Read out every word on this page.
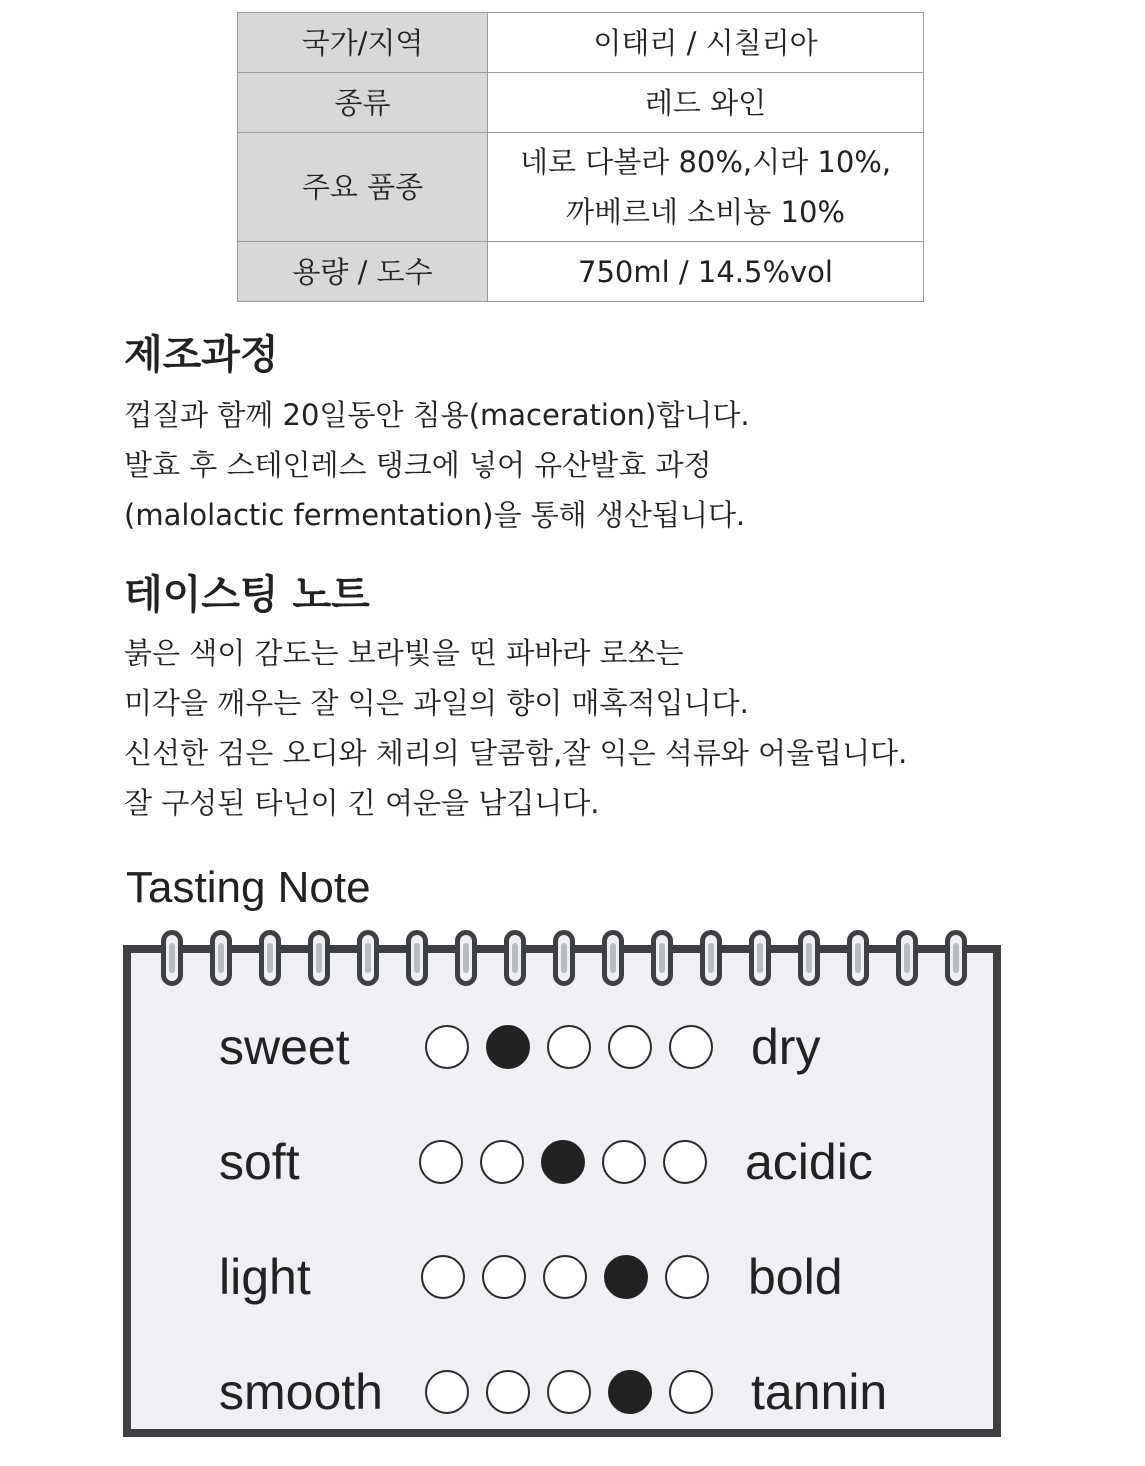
국가/지역	이태리 / 시칠리아

종류	레드 와인

주요 품종	네로 다볼라 80%,시라 10%,
까베르네 소비뇽 10%

용량 / 도수	750ml / 14.5%vol
제조과정
껍질과 함께 20일동안 침용(maceration)합니다.
발효 후 스테인레스 탱크에 넣어 유산발효 과정
(malolactic fermentation)을 통해 생산됩니다.
테이스팅 노트
붉은 색이 감도는 보라빛을 띤 파바라 로쏘는
미각을 깨우는 잘 익은 과일의 향이 매혹적입니다.
신선한 검은 오디와 체리의 달콤함,잘 익은 석류와 어울립니다.
잘 구성된 타닌이 긴 여운을 남깁니다.
Tasting Note
sweet	dry
soft	acidic
light	bold
smooth	tannin
